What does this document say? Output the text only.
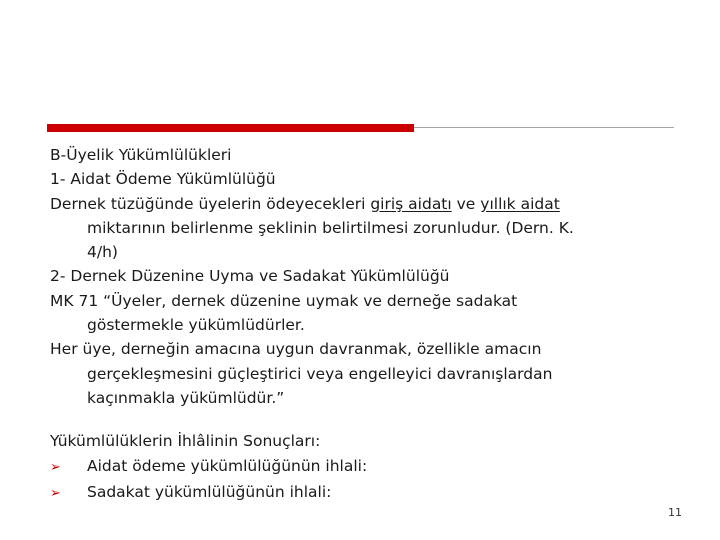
B-Üyelik Yükümlülükleri
1- Aidat Ödeme Yükümlülüğü
Dernek tüzüğünde üyelerin ödeyecekleri giriş aidatı ve yıllık aidat
miktarının belirlenme şeklinin belirtilmesi zorunludur. (Dern. K.
4/h)
2- Dernek Düzenine Uyma ve Sadakat Yükümlülüğü
MK 71 “Üyeler, dernek düzenine uymak ve derneğe sadakat
göstermekle yükümlüdürler.
Her üye, derneğin amacına uygun davranmak, özellikle amacın
gerçekleşmesini güçleştirici veya engelleyici davranışlardan
kaçınmakla yükümlüdür.”
Yükümlülüklerin İhlâlinin Sonuçları:
➢	Aidat ödeme yükümlülüğünün ihlali:
➢	Sadakat yükümlülüğünün ihlali:
11
